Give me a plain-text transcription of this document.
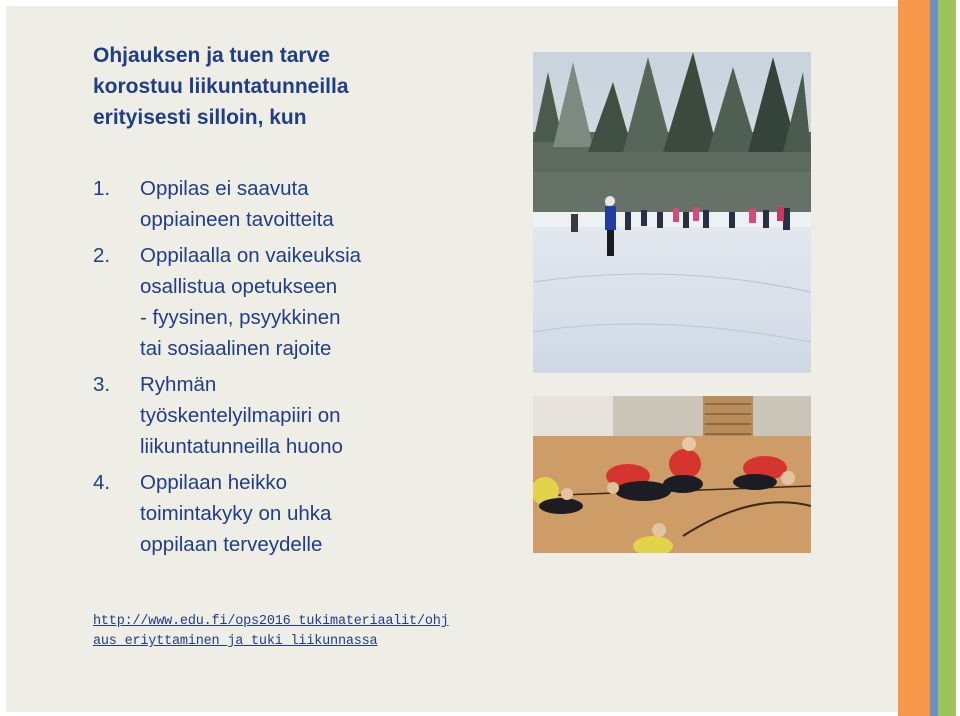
Ohjauksen ja tuen tarve
korostuu liikuntatunneilla
erityisesti silloin, kun
1. Oppilas ei saavuta
oppiaineen tavoitteita
2. Oppilaalla on vaikeuksia
osallistua opetukseen
- fyysinen, psyykkinen
tai sosiaalinen rajoite
3. Ryhmän
työskentelyilmapiiri on
liikuntatunneilla huono
4. Oppilaan heikko
toimintakyky on uhka
oppilaan terveydelle
http://www.edu.fi/ops2016_tukimateriaalit/ohj
aus_eriyttaminen_ja_tuki_liikunnassa
